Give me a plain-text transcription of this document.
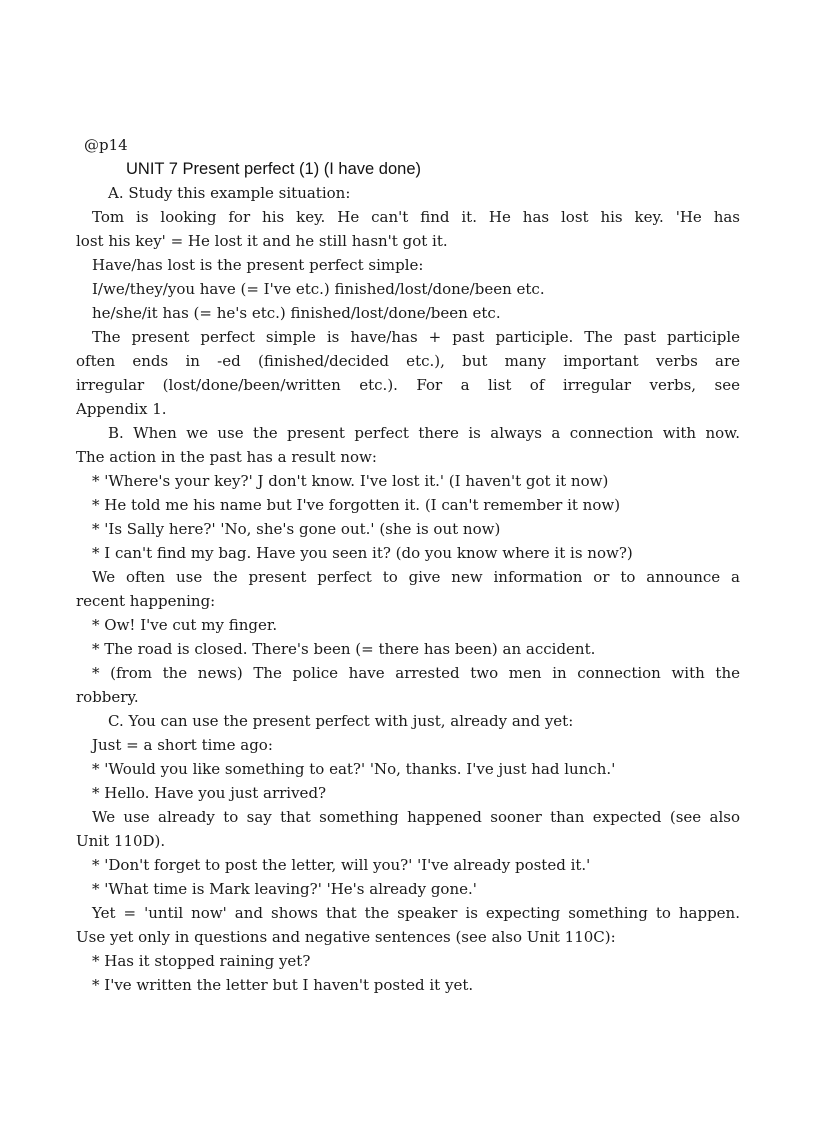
@p14
UNIT 7 Present perfect (1) (I have done)
A. Study this example situation:
Tom is looking for his key. He can't find it. He has lost his key. 'He has
lost his key' = He lost it and he still hasn't got it.
Have/has lost is the present perfect simple:
I/we/they/you have (= I've etc.) finished/lost/done/been etc.
he/she/it has (= he's etc.) finished/lost/done/been etc.
The present perfect simple is have/has + past participle. The past participle
often ends in -ed (finished/decided etc.), but many important verbs are
irregular (lost/done/been/written etc.). For a list of irregular verbs, see
Appendix 1.
B. When we use the present perfect there is always a connection with now.
The action in the past has a result now:
* 'Where's your key?' J don't know. I've lost it.' (I haven't got it now)
* He told me his name but I've forgotten it. (I can't remember it now)
* 'Is Sally here?' 'No, she's gone out.' (she is out now)
* I can't find my bag. Have you seen it? (do you know where it is now?)
We often use the present perfect to give new information or to announce a
recent happening:
* Ow! I've cut my finger.
* The road is closed. There's been (= there has been) an accident.
* (from the news) The police have arrested two men in connection with the
robbery.
C. You can use the present perfect with just, already and yet:
Just = a short time ago:
* 'Would you like something to eat?' 'No, thanks. I've just had lunch.'
* Hello. Have you just arrived?
We use already to say that something happened sooner than expected (see also
Unit 110D).
* 'Don't forget to post the letter, will you?' 'I've already posted it.'
* 'What time is Mark leaving?' 'He's already gone.'
Yet = 'until now' and shows that the speaker is expecting something to happen.
Use yet only in questions and negative sentences (see also Unit 110C):
* Has it stopped raining yet?
* I've written the letter but I haven't posted it yet.
